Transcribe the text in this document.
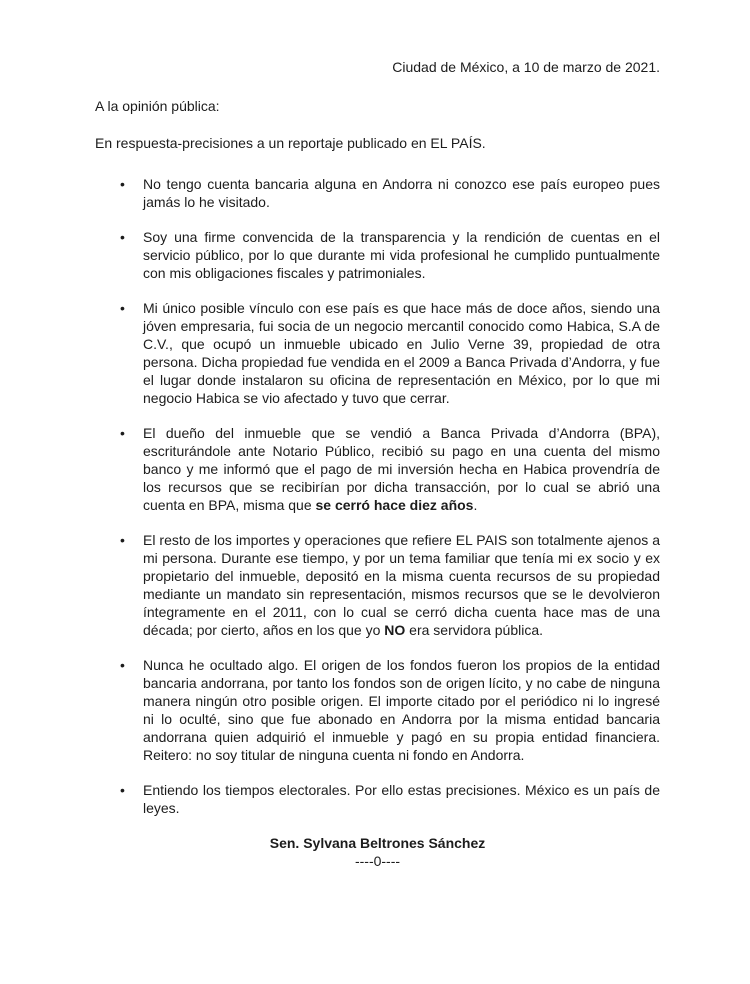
Ciudad de México, a 10 de marzo de 2021.

A la opinión pública:

En respuesta-precisiones a un reportaje publicado en EL PAÍS.

• No tengo cuenta bancaria alguna en Andorra ni conozco ese país europeo pues jamás lo he visitado.
• Soy una firme convencida de la transparencia y la rendición de cuentas en el servicio público, por lo que durante mi vida profesional he cumplido puntualmente con mis obligaciones fiscales y patrimoniales.
• Mi único posible vínculo con ese país es que hace más de doce años, siendo una jóven empresaria, fui socia de un negocio mercantil conocido como Habica, S.A de C.V., que ocupó un inmueble ubicado en Julio Verne 39, propiedad de otra persona. Dicha propiedad fue vendida en el 2009 a Banca Privada d’Andorra, y fue el lugar donde instalaron su oficina de representación en México, por lo que mi negocio Habica se vio afectado y tuvo que cerrar.
• El dueño del inmueble que se vendió a Banca Privada d’Andorra (BPA), escriturándole ante Notario Público, recibió su pago en una cuenta del mismo banco y me informó que el pago de mi inversión hecha en Habica provendría de los recursos que se recibirían por dicha transacción, por lo cual se abrió una cuenta en BPA, misma que se cerró hace diez años.
• El resto de los importes y operaciones que refiere EL PAIS son totalmente ajenos a mi persona. Durante ese tiempo, y por un tema familiar que tenía mi ex socio y ex propietario del inmueble, depositó en la misma cuenta recursos de su propiedad mediante un mandato sin representación, mismos recursos que se le devolvieron íntegramente en el 2011, con lo cual se cerró dicha cuenta hace mas de una década; por cierto, años en los que yo NO era servidora pública.
• Nunca he ocultado algo. El origen de los fondos fueron los propios de la entidad bancaria andorrana, por tanto los fondos son de origen lícito, y no cabe de ninguna manera ningún otro posible origen. El importe citado por el periódico ni lo ingresé ni lo oculté, sino que fue abonado en Andorra por la misma entidad bancaria andorrana quien adquirió el inmueble y pagó en su propia entidad financiera. Reitero: no soy titular de ninguna cuenta ni fondo en Andorra.
• Entiendo los tiempos electorales. Por ello estas precisiones. México es un país de leyes.

Sen. Sylvana Beltrones Sánchez

----0----
